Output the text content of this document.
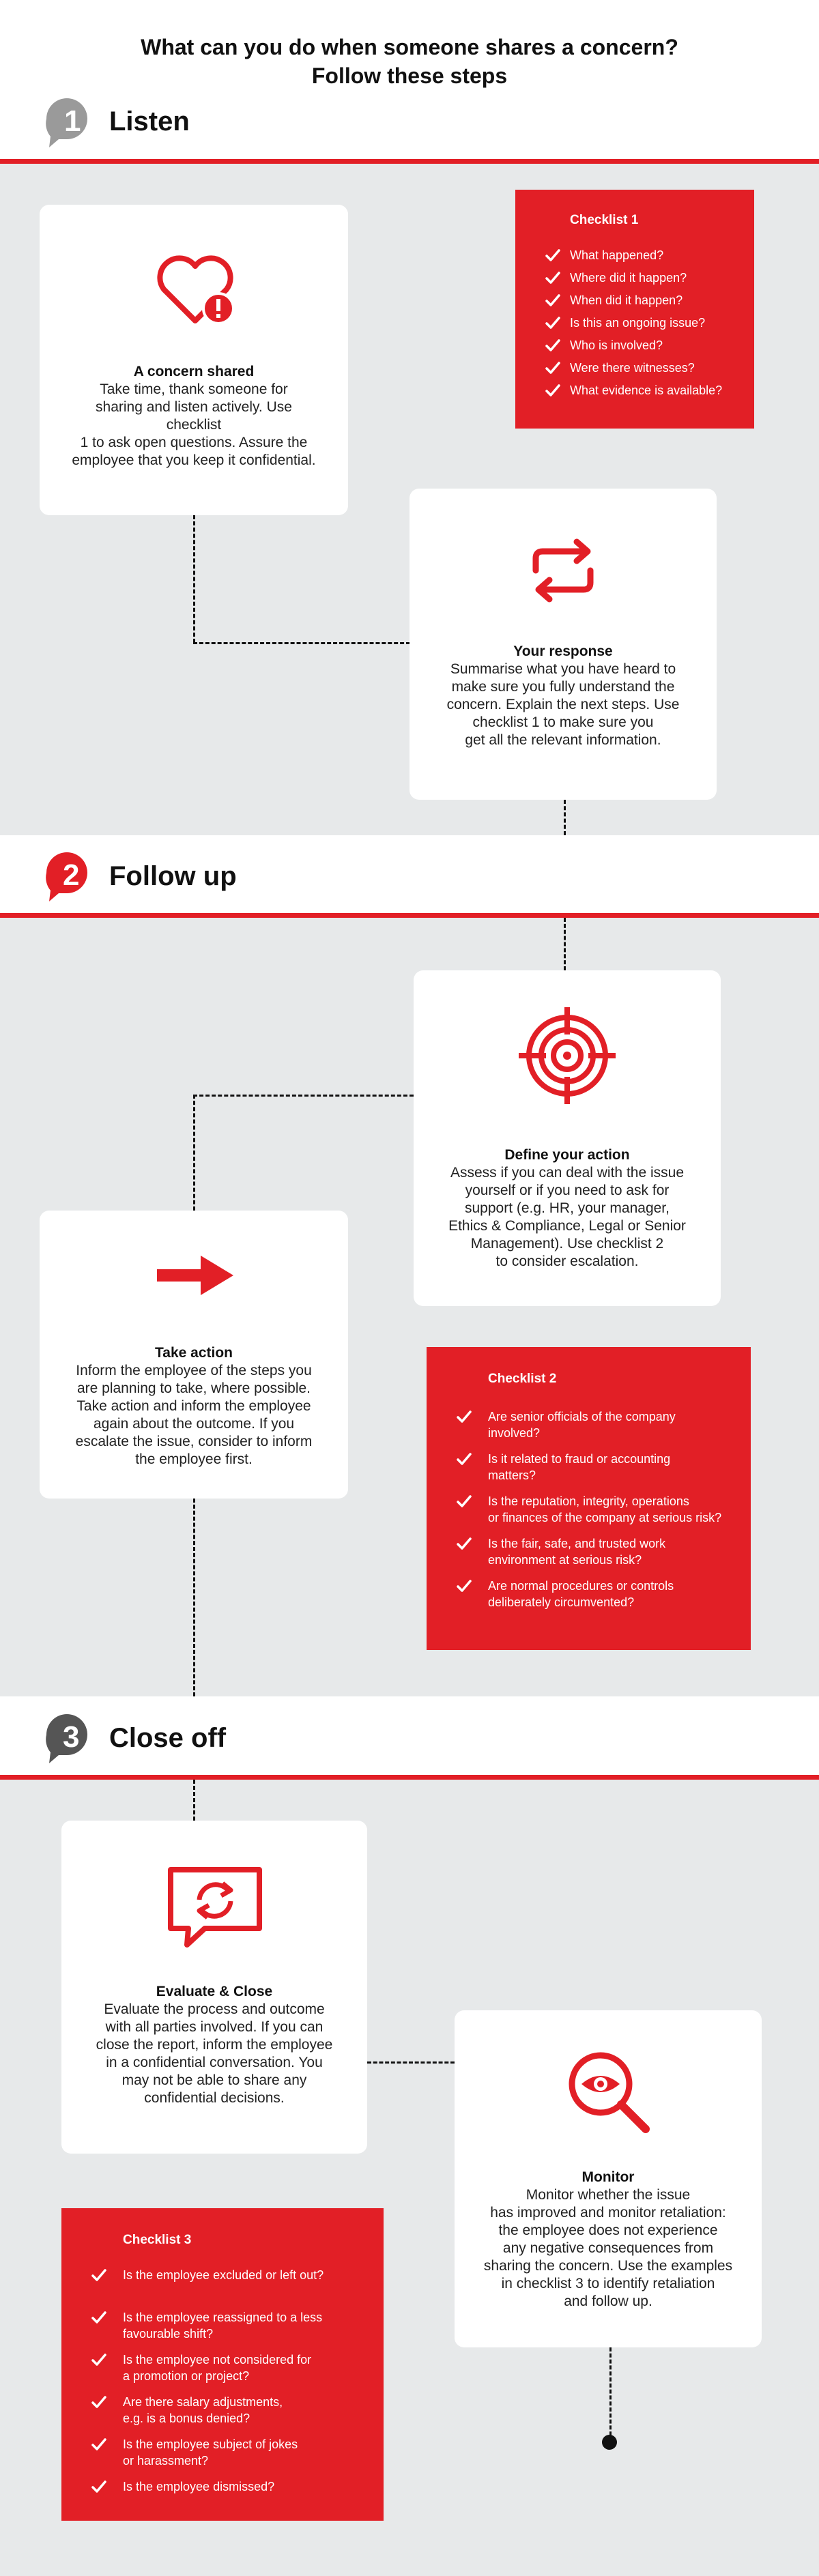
What can you do when someone shares a concern?
Follow these steps
1 Listen
A concern shared
Take time, thank someone for
sharing and listen actively. Use checklist
1 to ask open questions. Assure the
employee that you keep it confidential.
Checklist 1
What happened?
Where did it happen?
When did it happen?
Is this an ongoing issue?
Who is involved?
Were there witnesses?
What evidence is available?
Your response
Summarise what you have heard to
make sure you fully understand the
concern. Explain the next steps. Use
checklist 1 to make sure you
get all the relevant information.
2 Follow up
Define your action
Assess if you can deal with the issue
yourself or if you need to ask for
support (e.g. HR, your manager,
Ethics & Compliance, Legal or Senior
Management). Use checklist 2
to consider escalation.
Take action
Inform the employee of the steps you
are planning to take, where possible.
Take action and inform the employee
again about the outcome. If you
escalate the issue, consider to inform
the employee first.
Checklist 2
Are senior officials of the company
involved?
Is it related to fraud or accounting
matters?
Is the reputation, integrity, operations
or finances of the company at serious risk?
Is the fair, safe, and trusted work
environment at serious risk?
Are normal procedures or controls
deliberately circumvented?
3 Close off
Evaluate & Close
Evaluate the process and outcome
with all parties involved. If you can
close the report, inform the employee
in a confidential conversation. You
may not be able to share any
confidential decisions.
Monitor
Monitor whether the issue
has improved and monitor retaliation:
the employee does not experience
any negative consequences from
sharing the concern. Use the examples
in checklist 3 to identify retaliation
and follow up.
Checklist 3
Is the employee excluded or left out?
Is the employee reassigned to a less
favourable shift?
Is the employee not considered for
a promotion or project?
Are there salary adjustments,
e.g. is a bonus denied?
Is the employee subject of jokes
or harassment?
Is the employee dismissed?
